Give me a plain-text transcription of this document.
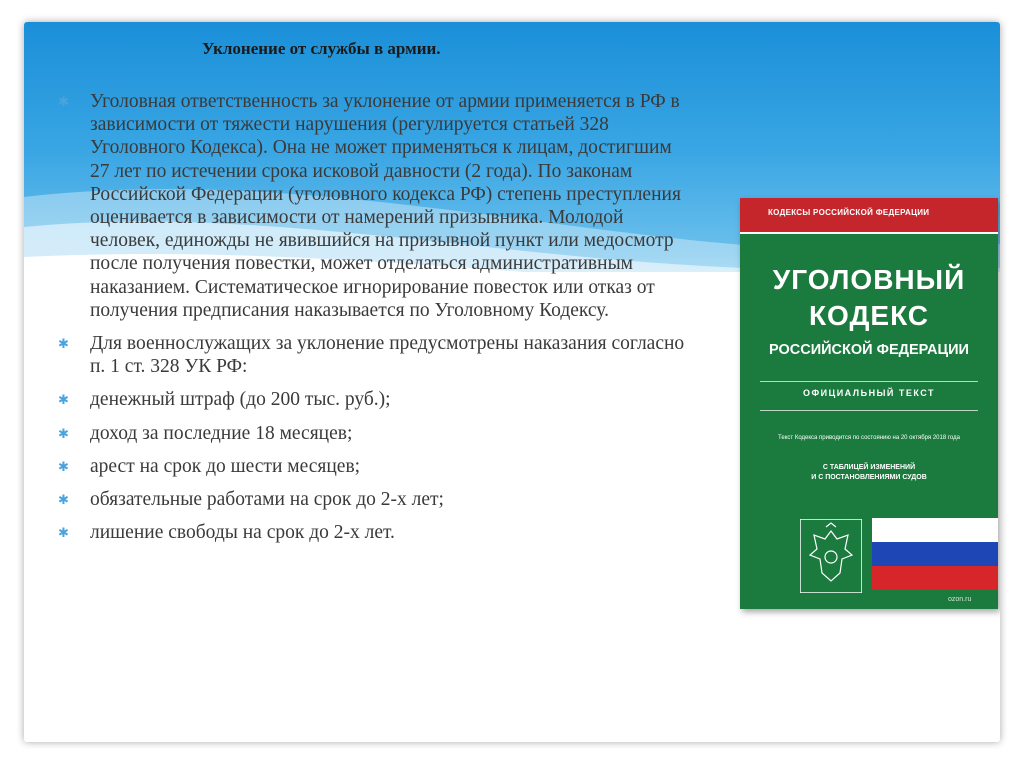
Уклонение от службы в армии.
✱ Уголовная ответственность за уклонение от армии применяется в РФ в зависимости от тяжести нарушения (регулируется статьей 328 Уголовного Кодекса). Она не может применяться к лицам, достигшим 27 лет по истечении срока исковой давности (2 года). По законам Российской Федерации (уголовного кодекса РФ) степень преступления оценивается в зависимости от намерений призывника. Молодой человек, единожды не явившийся на призывной пункт или медосмотр после получения повестки, может отделаться административным наказанием. Систематическое игнорирование повесток или отказ от получения предписания наказывается по Уголовному Кодексу.
✱ Для военнослужащих за уклонение предусмотрены наказания согласно п. 1 ст. 328 УК РФ:
✱ денежный штраф (до 200 тыс. руб.);
✱ доход за последние 18 месяцев;
✱ арест на срок до шести месяцев;
✱ обязательные работами на срок до 2-х лет;
✱ лишение свободы на срок до 2-х лет.
КОДЕКСЫ РОССИЙСКОЙ ФЕДЕРАЦИИ
УГОЛОВНЫЙ
КОДЕКС
РОССИЙСКОЙ ФЕДЕРАЦИИ
ОФИЦИАЛЬНЫЙ ТЕКСТ
Текст Кодекса приводится по состоянию на 20 октября 2018 года
С ТАБЛИЦЕЙ ИЗМЕНЕНИЙ
И С ПОСТАНОВЛЕНИЯМИ СУДОВ
ozon.ru
